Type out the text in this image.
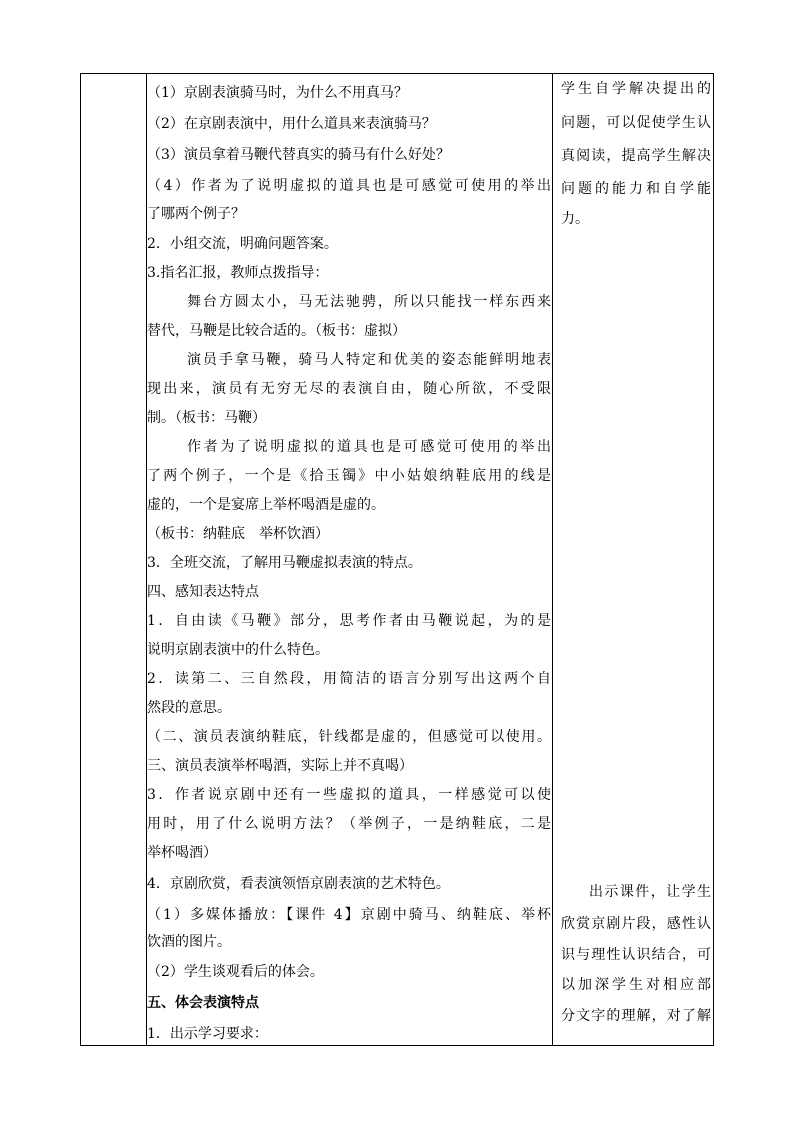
（1）京剧表演骑马时，为什么不用真马？
（2）在京剧表演中，用什么道具来表演骑马？
（3）演员拿着马鞭代替真实的骑马有什么好处？
（4）作者为了说明虚拟的道具也是可感觉可使用的举出
了哪两个例子？
2．小组交流，明确问题答案。
3.指名汇报，教师点拨指导：
舞台方圆太小，马无法驰骋，所以只能找一样东西来
替代，马鞭是比较合适的。（板书：虚拟）
演员手拿马鞭，骑马人特定和优美的姿态能鲜明地表
现出来，演员有无穷无尽的表演自由，随心所欲，不受限
制。（板书：马鞭）
作者为了说明虚拟的道具也是可感觉可使用的举出
了两个例子，一个是《拾玉镯》中小姑娘纳鞋底用的线是
虚的，一个是宴席上举杯喝酒是虚的。
（板书：纳鞋底　举杯饮酒）
3．全班交流，了解用马鞭虚拟表演的特点。
四、感知表达特点
1．自由读《马鞭》部分，思考作者由马鞭说起，为的是
说明京剧表演中的什么特色。
2．读第二、三自然段，用简洁的语言分别写出这两个自
然段的意思。
（二、演员表演纳鞋底，针线都是虚的，但感觉可以使用。
三、演员表演举杯喝酒，实际上并不真喝）
3．作者说京剧中还有一些虚拟的道具，一样感觉可以使
用时，用了什么说明方法？（举例子，一是纳鞋底，二是
举杯喝酒）
4．京剧欣赏，看表演领悟京剧表演的艺术特色。
（1）多媒体播放：【课件 4】京剧中骑马、纳鞋底、举杯
饮酒的图片。
（2）学生谈观看后的体会。
五、体会表演特点
1．出示学习要求：
学生自学解决提出的
问题，可以促使学生认
真阅读，提高学生解决
问题的能力和自学能
力。
出示课件，让学生
欣赏京剧片段，感性认
识与理性认识结合，可
以加深学生对相应部
分文字的理解，对了解
